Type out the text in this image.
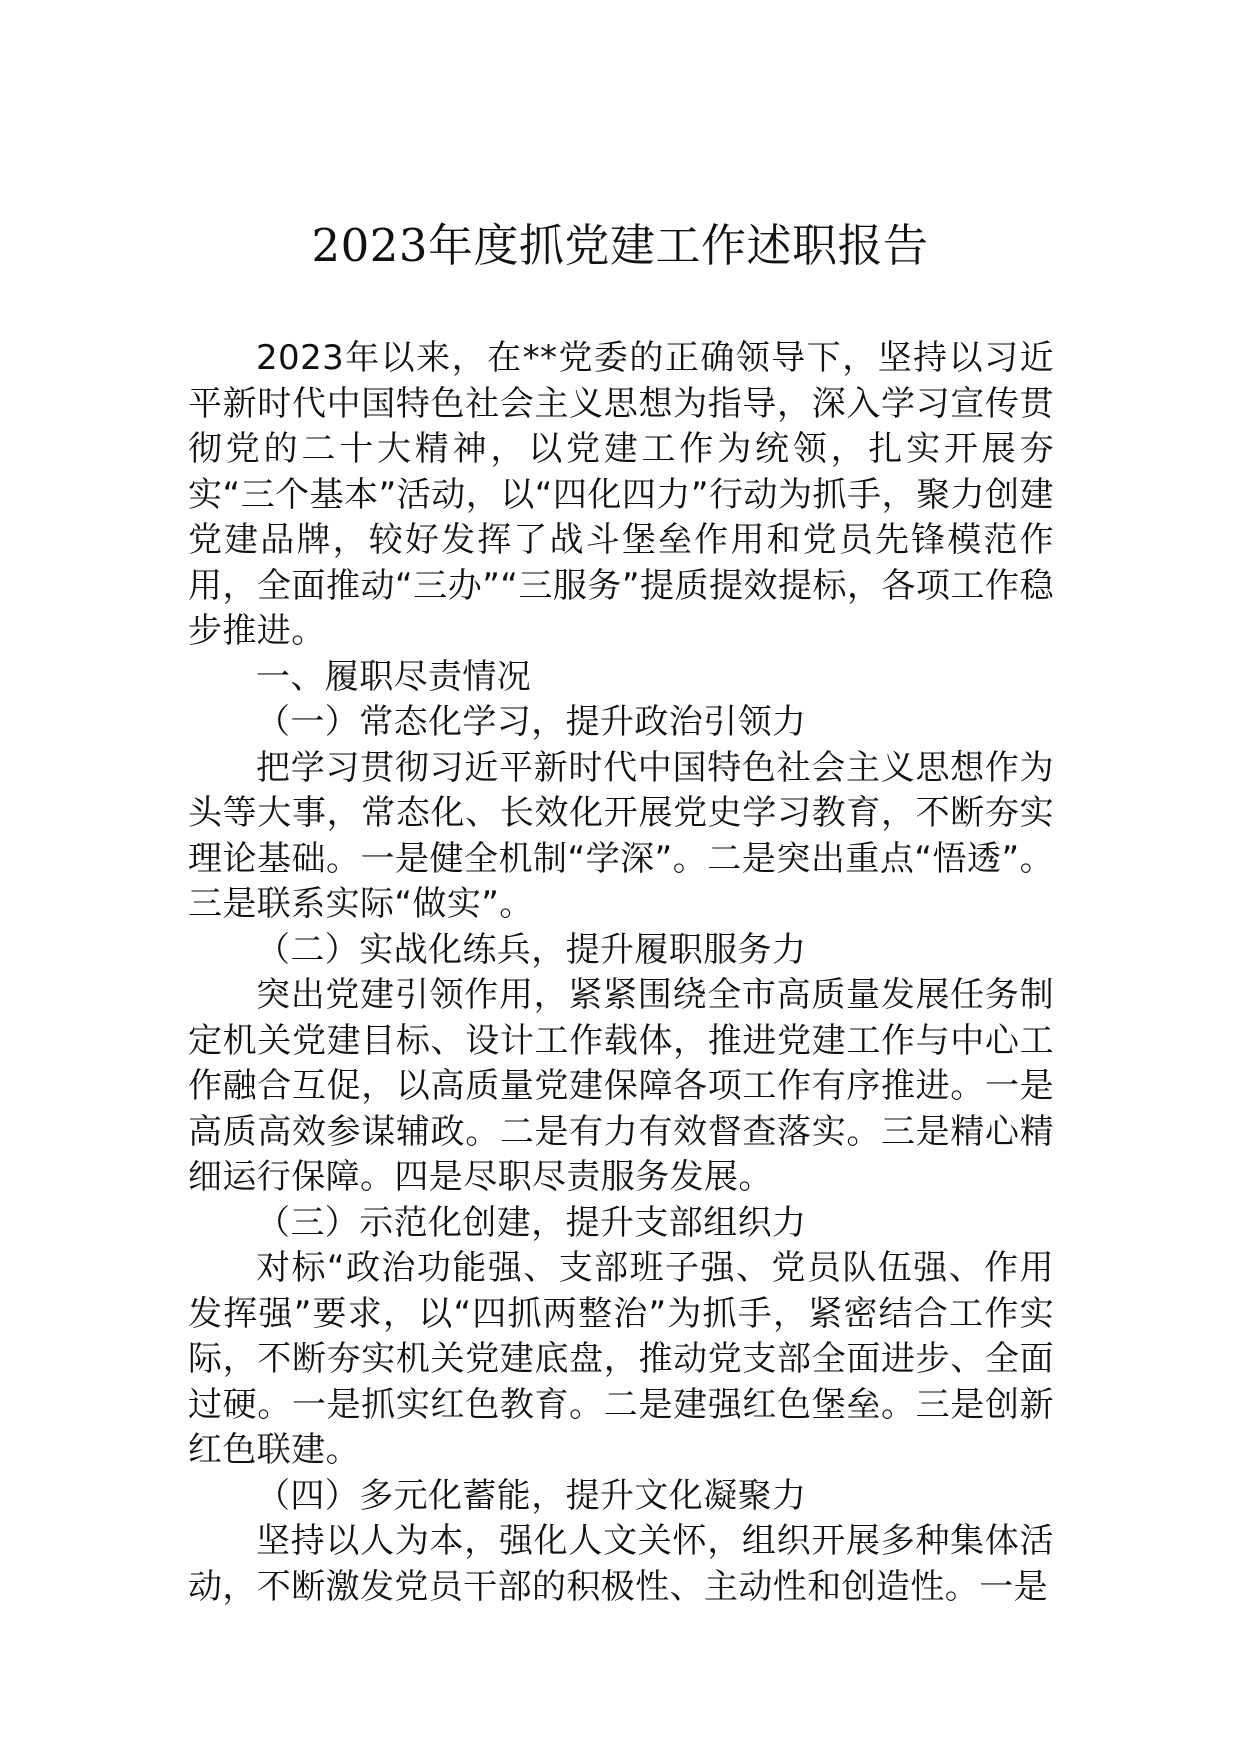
2023年度抓党建工作述职报告

2023年以来，在**党委的正确领导下，坚持以习近平新时代中国特色社会主义思想为指导，深入学习宣传贯彻党的二十大精神，以党建工作为统领，扎实开展夯实“三个基本”活动，以“四化四力”行动为抓手，聚力创建党建品牌，较好发挥了战斗堡垒作用和党员先锋模范作用，全面推动“三办”“三服务”提质提效提标，各项工作稳步推进。

一、履职尽责情况

（一）常态化学习，提升政治引领力

把学习贯彻习近平新时代中国特色社会主义思想作为头等大事，常态化、长效化开展党史学习教育，不断夯实理论基础。一是健全机制“学深”。二是突出重点“悟透”。三是联系实际“做实”。

（二）实战化练兵，提升履职服务力

突出党建引领作用，紧紧围绕全市高质量发展任务制定机关党建目标、设计工作载体，推进党建工作与中心工作融合互促，以高质量党建保障各项工作有序推进。一是高质高效参谋辅政。二是有力有效督查落实。三是精心精细运行保障。四是尽职尽责服务发展。

（三）示范化创建，提升支部组织力

对标“政治功能强、支部班子强、党员队伍强、作用发挥强”要求，以“四抓两整治”为抓手，紧密结合工作实际，不断夯实机关党建底盘，推动党支部全面进步、全面过硬。一是抓实红色教育。二是建强红色堡垒。三是创新红色联建。

（四）多元化蓄能，提升文化凝聚力

坚持以人为本，强化人文关怀，组织开展多种集体活动，不断激发党员干部的积极性、主动性和创造性。一是
